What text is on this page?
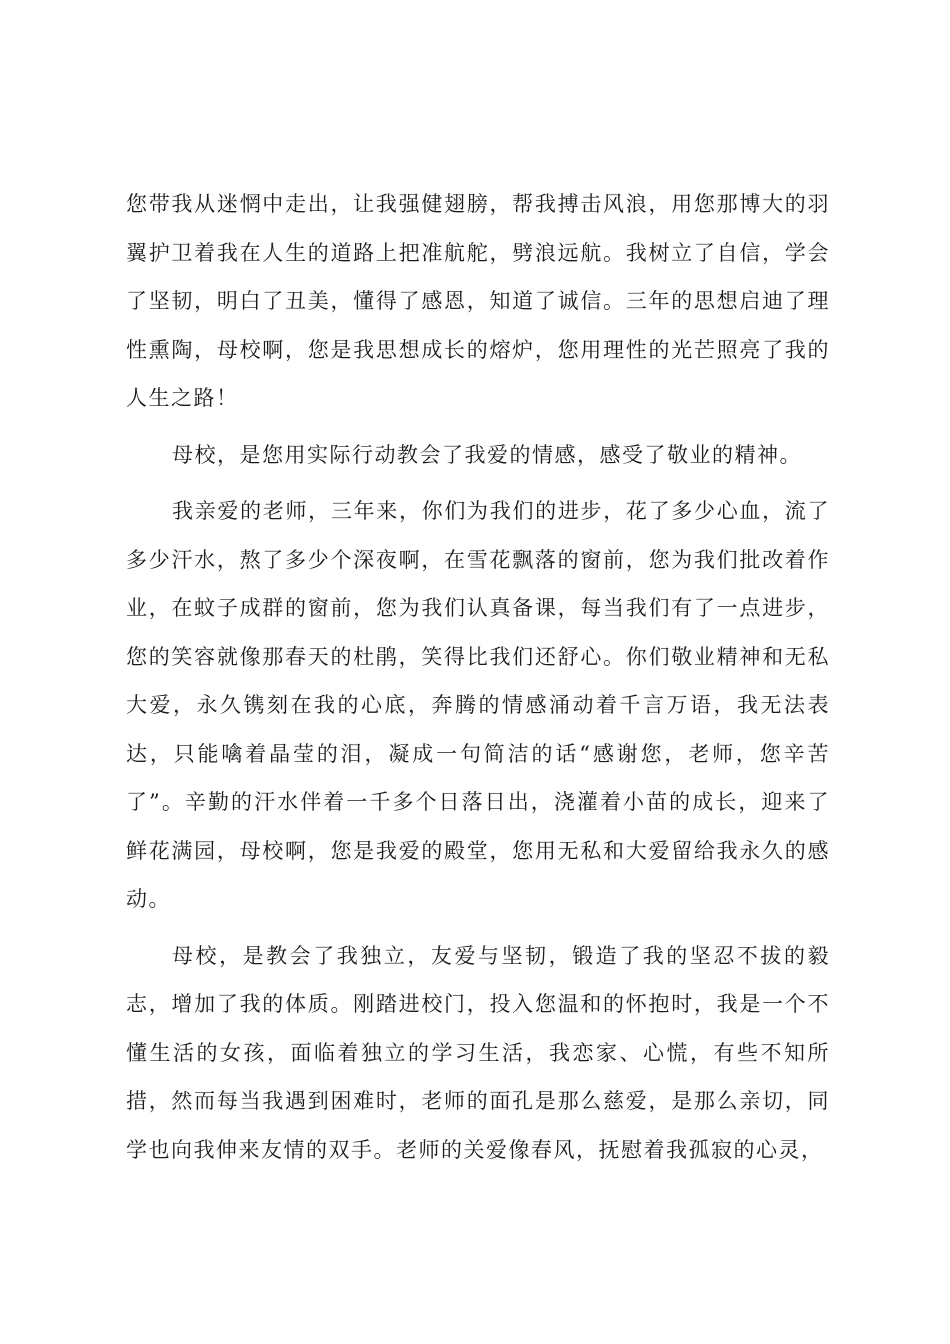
您带我从迷惘中走出，让我强健翅膀，帮我搏击风浪，用您那博大的羽翼护卫着我在人生的道路上把准航舵，劈浪远航。我树立了自信，学会了坚韧，明白了丑美，懂得了感恩，知道了诚信。三年的思想启迪了理性熏陶，母校啊，您是我思想成长的熔炉，您用理性的光芒照亮了我的人生之路！

母校，是您用实际行动教会了我爱的情感，感受了敬业的精神。

我亲爱的老师，三年来，你们为我们的进步，花了多少心血，流了多少汗水，熬了多少个深夜啊，在雪花飘落的窗前，您为我们批改着作业，在蚊子成群的窗前，您为我们认真备课，每当我们有了一点进步，您的笑容就像那春天的杜鹃，笑得比我们还舒心。你们敬业精神和无私大爱，永久镌刻在我的心底，奔腾的情感涌动着千言万语，我无法表达，只能噙着晶莹的泪，凝成一句简洁的话“感谢您，老师，您辛苦了”。辛勤的汗水伴着一千多个日落日出，浇灌着小苗的成长，迎来了鲜花满园，母校啊，您是我爱的殿堂，您用无私和大爱留给我永久的感动。

母校，是教会了我独立，友爱与坚韧，锻造了我的坚忍不拔的毅志，增加了我的体质。刚踏进校门，投入您温和的怀抱时，我是一个不懂生活的女孩，面临着独立的学习生活，我恋家、心慌，有些不知所措，然而每当我遇到困难时，老师的面孔是那么慈爱，是那么亲切，同学也向我伸来友情的双手。老师的关爱像春风，抚慰着我孤寂的心灵，
